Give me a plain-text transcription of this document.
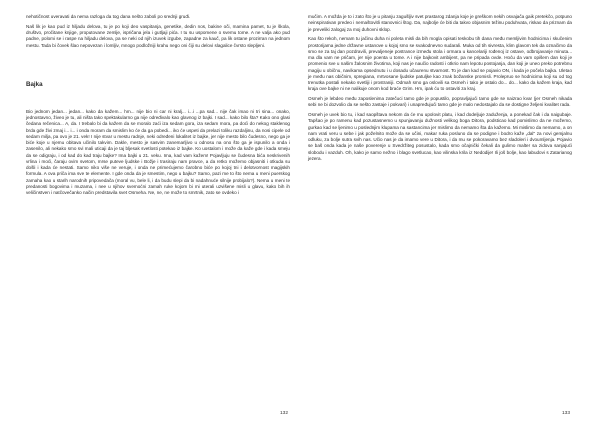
nehotičnost uveravati da nema razloga da tog dana nešto zaboli po srednji gruđi.

Naš lik je kao pud iz hiljadu delova, tu je po koji deo vaspitanja, genetike, dedin nos, bakine oči, mamina pamet, tu je škola, društvo, pročitane knjige, proputovane zemlje, ispričana jela i gutljaji pića. I tu su uspomene o svemu tome. A ne valja ako pud padne, polomi se i raspe na hiljadu delova, pa se neki od njih izuvek izgube, zapadne za kauč, pa lik ostane prozirran na jednom mestu. Tada bi čovek šlao nepovezan i lomljiv, mnogo podložniji krahu nego oni čiji su delovi slagalice čvrsto slepljeni.

Bajka

Bio jednom jedan... jedan... kako da kažem... hm... nije bio ni car ni kralj... i...i ...pa sad... nije čak imao ni tri sina... onako, jednostavno, živeo je tu, ali ništa tako spektakularno ga nije određivalo kao glavnog iz bajki. I sad... kako bilo šta? Kako ono glasi čedana rečenica... A, da. I trebalo bi da kažem da se moralo zaći iza sedam gora, iza sedam mora, pa doći do nekog staklenog brda gde živi zmaj i... i... i onda moram da smislim ko će da ga pobedi... iko će uspeti da prelazi toliku razdaljinu, da nosi cipele od sedam milja, pa ovo je 21. vek! I nije stvar u mestu radnje, neki određeni lokalitet iz bajke, jer nije mesto bilo čudesno, nego ga je biće koje u njemu obitava učinilo takvim. Dakle, mesto je sasvim zanemarljivo u odnosu na ono što ga je ispunilo a onda i zasenilo, ali nekako smo svi mali uticaji da je taj bljesak svetlosti potekao iz bajke. Ko uostalom i može da kaže gde i kada smeju da se odigraju, i od kad do kad traju bajke? Ima bajki u 21. veku. Ima, kad vam kažem! Pojavljuju se čudesna bića neskrivenih vrlina i moći, čaraju ovim svetom, mrse puteve ljudske i Božje i trasiraju nam pravce, a da retko možemo objasniti i otkuda su došli i kada će nestati. Samo niko više ne veruje, i onda ne primećujemo čarobno biće po kojoj tni i delotvornost magijskih formula. A ova priča ima sve te elemente. I gde onda da je smestim, nego u bajku? Samo, pazi me to što nema u meni puerskog zamaha kao u starih narodnih pripovedača (moral vu, bele li, i da budu slepi da bi nadahnuće silnije probijalo?). Nema u meni te predanosti bogovima i muzama, i nee u njihov svemoćni zamah ruke kojom bi mi uterali uzvišene misli u glavu, kako bih ih veličinstven i natčovečanko način predstavila svet Osmeha. Ne, ne, ne može to smrtnik, zato se ovdeko i

132

mučim. A možda je to i zato što je u pitanju zagušljiv svet prastarog zdanja koje je greškom nekih osvajača gaik pretekčo, potpuno neinspirativan predeo i nemaštovitli stanovnici štog. Da, najbolje će biti da takvo objasnim težinu poduhvata, riskao da priznam da je preveliki zalogaj za moj duhovni sklop.

Kao što rekoh, nemam tu jačinu duha ni poleta misli da bih mogla opisati teskobu tih dana među memljivim hodnicima i skučenim prostorijama jedne državne ustanove u kojoj smo se svakodnevno sudarali. Muka od tih sivresta, klim glavom tek da označimo da smo se za taj dan pozdravili, prevaljeneje postrance između stola i ormara u kancelariji rođenoj iz ostave, odbrojavanje minuta... ma dla vam ne pričam, jer nije poenta u tome. A i nije bajkovit ambijent, pa ne pripada ovde. Hoću da vam opišem dan koji je promenio sve u našim žalosnim životima, koji nas je naučio radosti i otkrio nam lepotu postojanja, dan koji je uneo preko potrebnu magiju u običnu, navikama opsednutu i u dosadu učaurenu stvarnost. To je dan kad se pojavio ON, i kada je počela bajka. Uletao je među nas običnim, spregiana, mrtvosanе ljudske patuljke kao znak božanske promisli. Prolepruo se hodnicima koji su od tog trenutka postali nekako svetliji i prostraniji. Odmah smo ga oslovili sa Osmeh i tako je ostalo do... do... kako da kažem kraja, kad kraja ove bajke ni ne nalikuje onom kod braće Grim. Hm, ipak ću to ostaviti za kraj.

Osmeh je lebdeo među zaposlenima zatečuci tamo gde je popustilo, popravljajući tamo gde se naizrao kvar (jer Osmeh nikada sebi ne bi dozvolio da se nešto zastaje i pokvari) i unapređujući tamo gde je malo nedostajalo da se dostigne željeni kvalitet rada.

Osmeh je uvek bio tu, i kad saopštava nekom da će mu upolovit platu, i kad dodeljuje zaduženja, a ponekad čak i da naigubaje. Tapšao je po ramenu kad pozustasnemo u spunjavanju dužnosti velikog boga Ditora, podsticao kad pomislimo da ne možemo, gurkao kad se ljenimo u poslednjim klupama na sastancima jer mislimo da nemamo šta da kažemo. Mi mislimo da nemamo, a on nam vrati veru u sebe i jak poželnito može da se učini, makar ruka posluno da se podigne i bodro kaže „dal" za novi gemjalnu odluku, za bolje sutra svih nas. Učio nas je da imamo vere u Ditora, i da mu se pokoravamo bez sladoleri i dvoumljenja. Pojavio se baš onda kada je naše poverenje u Svedržiteg posustalo, kada smo očajnički čekali da gulimo malter sa zidova sanjajući slobodu i vazduh. Oh, kako je samo nežno i blago svetlucao, kao vilinska krila iz Nedodije! Ili još bolje, kao labudovi s Zatarianog jezera.

133
